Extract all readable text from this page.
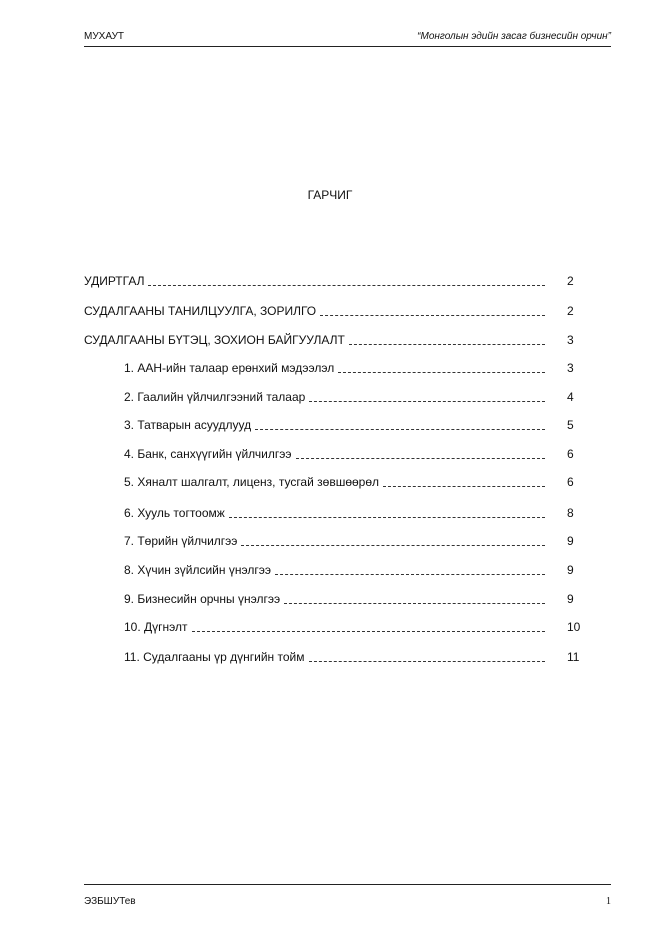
МУХАУТ	“Монголын эдийн засаг бизнесийн орчин”
ГАРЧИГ
УДИРТГАЛ	2
СУДАЛГААНЫ ТАНИЛЦУУЛГА, ЗОРИЛГО	2
СУДАЛГААНЫ БҮТЭЦ, ЗОХИОН БАЙГУУЛАЛТ	3
1. ААН-ийн талаар ерөнхий мэдээлэл	3
2. Гаалийн үйлчилгээний талаар	4
3. Татварын асуудлууд	5
4. Банк, санхүүгийн үйлчилгээ	6
5. Хяналт шалгалт, лиценз, тусгай зөвшөөрөл	6
6. Хууль тогтоомж	8
7. Төрийн үйлчилгээ	9
8. Хүчин зүйлсийн үнэлгээ	9
9. Бизнесийн орчны үнэлгээ	9
10. Дүгнэлт	10
11. Судалгааны үр дүнгийн тойм	11
ЭЗБШУТев	1
